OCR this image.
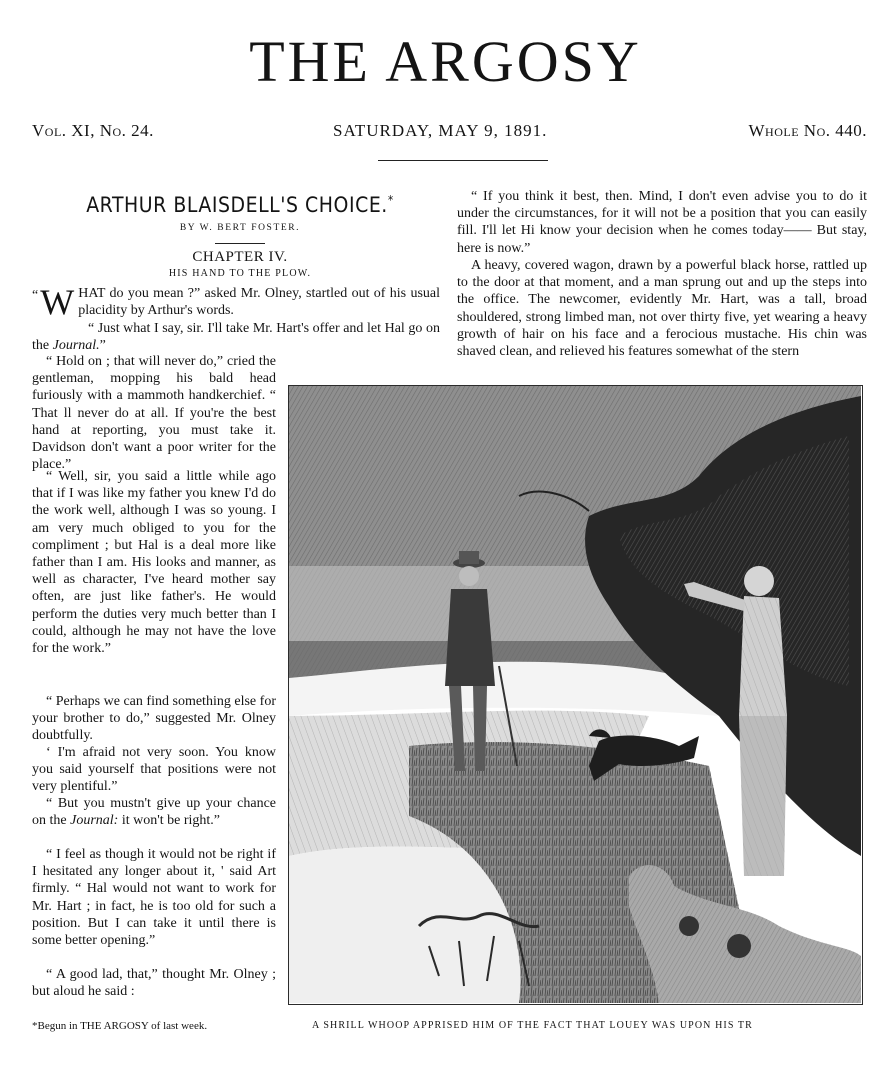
THE ARGOSY
Vol. XI, No. 24.	SATURDAY, MAY 9, 1891.	Whole No. 440.
ARTHUR BLAISDELL'S CHOICE.*
BY W. BERT FOSTER.
CHAPTER IV.
HIS HAND TO THE PLOW.

“ W HAT do you mean ?” asked Mr. Olney, startled out of his usual placidity by Arthur's words.

“ Just what I say, sir. I'll take Mr. Hart's offer and let Hal go on the Journal.”

“ Hold on ; that will never do,” cried the gentleman, mopping his bald head furiously with a mammoth handkerchief. “ That ll never do at all. If you're the best hand at reporting, you must take it. Davidson don't want a poor writer for the place.”

“ Well, sir, you said a little while ago that if I was like my father you knew I'd do the work well, although I was so young. I am very much obliged to you for the compliment ; but Hal is a deal more like father than I am. His looks and manner, as well as character, I've heard mother say often, are just like father's. He would perform the duties very much better than I could, although he may not have the love for the work.”

“ Perhaps we can find something else for your brother to do,” suggested Mr. Olney doubtfully.

‘ I'm afraid not very soon. You know you said yourself that positions were not very plentiful.”

“ But you mustn't give up your chance on the Journal: it won't be right.”

“ I feel as though it would not be right if I hesitated any longer about it, ' said Art firmly. “ Hal would not want to work for Mr. Hart ; in fact, he is too old for such a position. But I can take it until there is some better opening.”

“ A good lad, that,” thought Mr. Olney ; but aloud he said :

“ If you think it best, then. Mind, I don't even advise you to do it under the circumstances, for it will not be a position that you can easily fill. I'll let Hi know your decision when he comes today—— But stay, here is now.”

A heavy, covered wagon, drawn by a powerful black horse, rattled up to the door at that moment, and a man sprung out and up the steps into the office. The newcomer, evidently Mr. Hart, was a tall, broad shouldered, strong limbed man, not over thirty five, yet wearing a heavy growth of hair on his face and a ferocious mustache. His chin was shaved clean, and relieved his features somewhat of the stern

A SHRILL WHOOP APPRISED HIM OF THE FACT THAT LOUEY WAS UPON HIS TR
*Begun in THE ARGOSY of last week.
